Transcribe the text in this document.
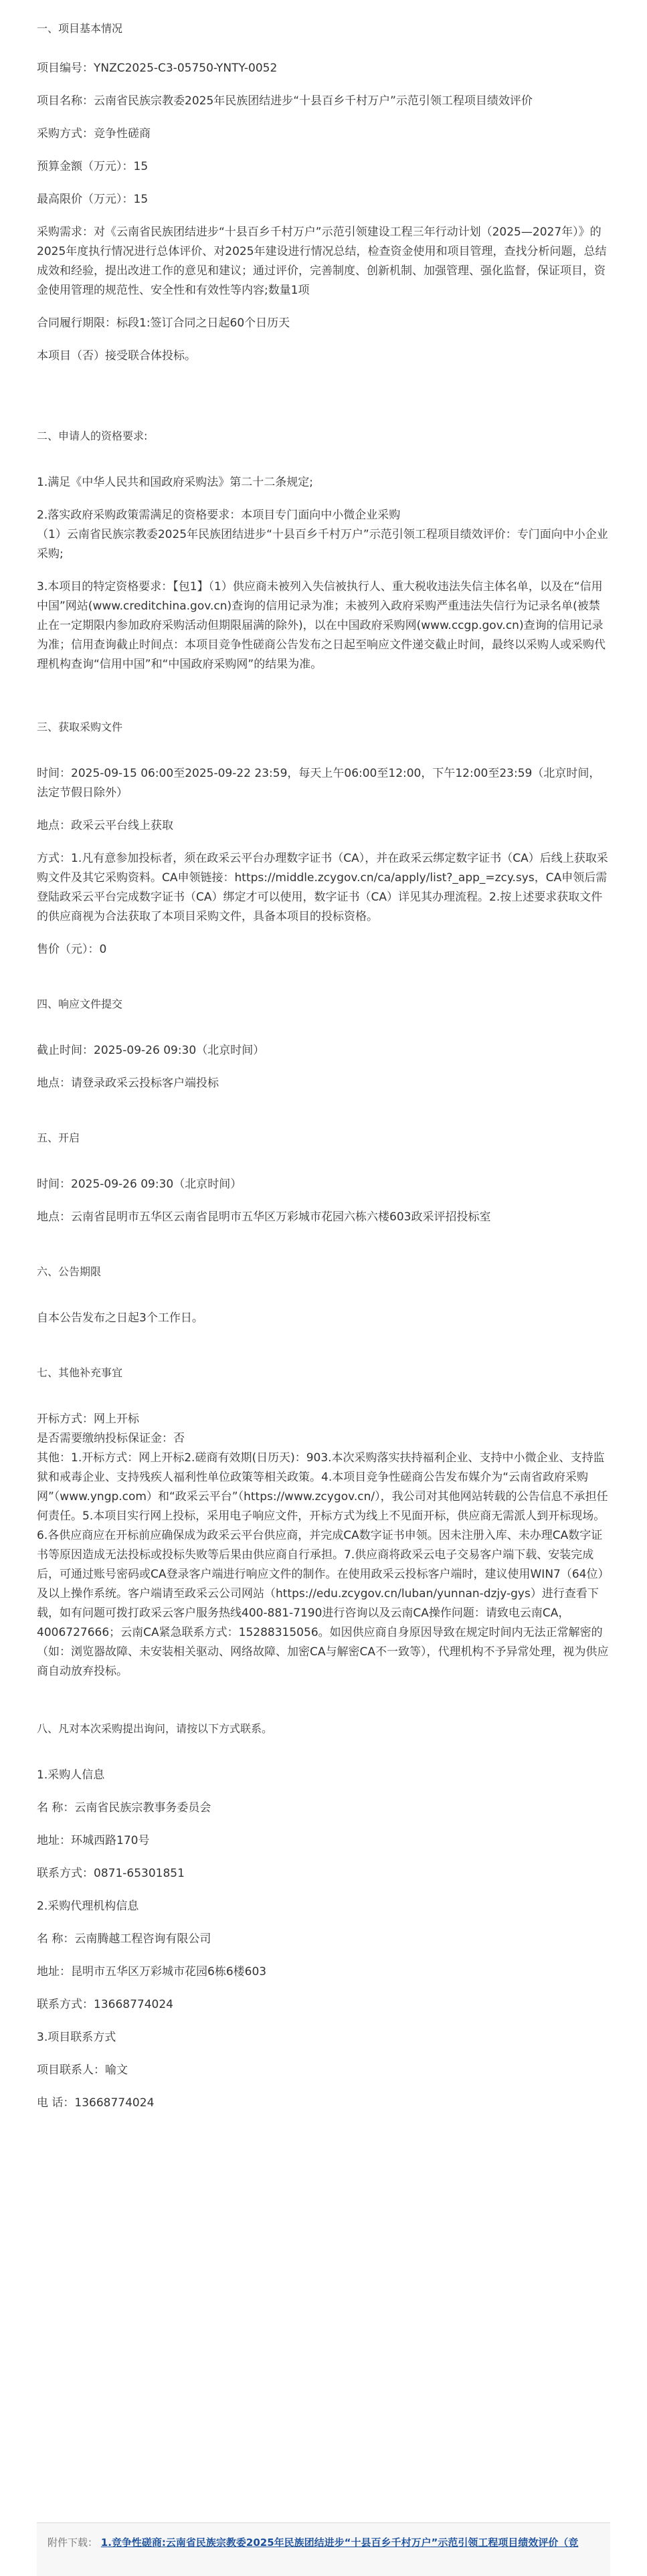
一、项目基本情况

项目编号：YNZC2025-C3-05750-YNTY-0052

项目名称：云南省民族宗教委2025年民族团结进步“十县百乡千村万户”示范引领工程项目绩效评价

采购方式：竞争性磋商

预算金额（万元）：15

最高限价（万元）：15

采购需求：对《云南省民族团结进步“十县百乡千村万户”示范引领建设工程三年行动计划（2025—2027年）》的2025年度执行情况进行总体评价、对2025年建设进行情况总结，检查资金使用和项目管理，查找分析问题，总结成效和经验，提出改进工作的意见和建议；通过评价，完善制度、创新机制、加强管理、强化监督，保证项目，资金使用管理的规范性、安全性和有效性等内容;数量1项

合同履行期限：标段1:签订合同之日起60个日历天

本项目（否）接受联合体投标。

二、申请人的资格要求:

1.满足《中华人民共和国政府采购法》第二十二条规定;

2.落实政府采购政策需满足的资格要求：本项目专门面向中小微企业采购
（1）云南省民族宗教委2025年民族团结进步“十县百乡千村万户”示范引领工程项目绩效评价：专门面向中小企业采购;

3.本项目的特定资格要求：【包1】（1）供应商未被列入失信被执行人、重大税收违法失信主体名单，以及在“信用中国”网站(www.creditchina.gov.cn)查询的信用记录为准；未被列入政府采购严重违法失信行为记录名单(被禁止在一定期限内参加政府采购活动但期限届满的除外)，以在中国政府采购网(www.ccgp.gov.cn)查询的信用记录为准；信用查询截止时间点：本项目竞争性磋商公告发布之日起至响应文件递交截止时间，最终以采购人或采购代理机构查询“信用中国”和“中国政府采购网”的结果为准。

三、获取采购文件

时间：2025-09-15 06:00至2025-09-22 23:59，每天上午06:00至12:00，下午12:00至23:59（北京时间，法定节假日除外）

地点：政采云平台线上获取

方式：1.凡有意参加投标者，须在政采云平台办理数字证书（CA），并在政采云绑定数字证书（CA）后线上获取采购文件及其它采购资料。CA申领链接：https://middle.zcygov.cn/ca/apply/list?_app_=zcy.sys，CA申领后需登陆政采云平台完成数字证书（CA）绑定才可以使用，数字证书（CA）详见其办理流程。2.按上述要求获取文件的供应商视为合法获取了本项目采购文件，具备本项目的投标资格。

售价（元）：0

四、响应文件提交

截止时间：2025-09-26 09:30（北京时间）

地点：请登录政采云投标客户端投标

五、开启

时间：2025-09-26 09:30（北京时间）

地点：云南省昆明市五华区云南省昆明市五华区万彩城市花园六栋六楼603政采评招投标室

六、公告期限

自本公告发布之日起3个工作日。

七、其他补充事宜
开标方式：网上开标
是否需要缴纳投标保证金：否
其他：1.开标方式：网上开标2.磋商有效期(日历天)：903.本次采购落实扶持福利企业、支持中小微企业、支持监狱和戒毒企业、支持残疾人福利性单位政策等相关政策。4.本项目竞争性磋商公告发布媒介为“云南省政府采购网”（www.yngp.com）和“政采云平台”（https://www.zcygov.cn/），我公司对其他网站转载的公告信息不承担任何责任。5.本项目实行网上投标，采用电子响应文件，开标方式为线上不见面开标，供应商无需派人到开标现场。6.各供应商应在开标前应确保成为政采云平台供应商，并完成CA数字证书申领。因未注册入库、未办理CA数字证书等原因造成无法投标或投标失败等后果由供应商自行承担。7.供应商将政采云电子交易客户端下载、安装完成后，可通过账号密码或CA登录客户端进行响应文件的制作。在使用政采云投标客户端时，建议使用WIN7（64位）及以上操作系统。客户端请至政采云公司网站（https://edu.zcygov.cn/luban/yunnan-dzjy-gys）进行查看下载，如有问题可拨打政采云客户服务热线400-881-7190进行咨询以及云南CA操作问题：请致电云南CA，4006727666；云南CA紧急联系方式：15288315056。如因供应商自身原因导致在规定时间内无法正常解密的（如：浏览器故障、未安装相关驱动、网络故障、加密CA与解密CA不一致等），代理机构不予异常处理，视为供应商自动放弃投标。
八、凡对本次采购提出询问，请按以下方式联系。

1.采购人信息

名 称：云南省民族宗教事务委员会

地址：环城西路170号

联系方式：0871-65301851

2.采购代理机构信息

名 称：云南腾越工程咨询有限公司

地址：昆明市五华区万彩城市花园6栋6楼603

联系方式：13668774024

3.项目联系方式

项目联系人：喻文

电 话：13668774024

附件下载： 1.竞争性磋商:云南省民族宗教委2025年民族团结进步“十县百乡千村万户”示范引领工程项目绩效评价（竞
